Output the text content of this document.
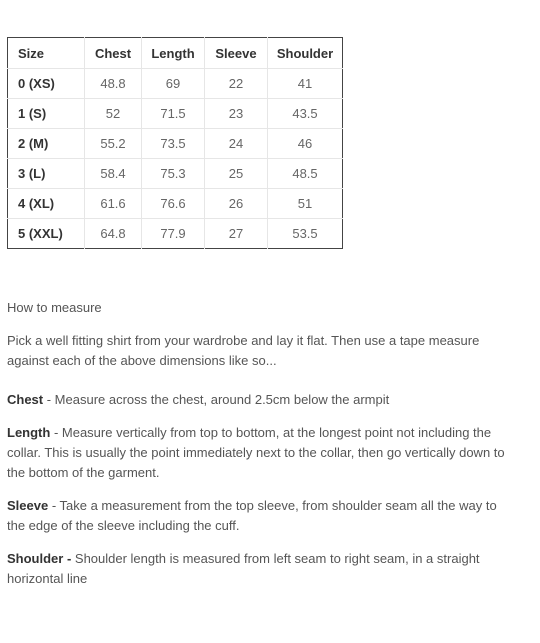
Size	Chest	Length	Sleeve	Shoulder
0 (XS)	48.8	69	22	41
1 (S)	52	71.5	23	43.5
2 (M)	55.2	73.5	24	46
3 (L)	58.4	75.3	25	48.5
4 (XL)	61.6	76.6	26	51
5 (XXL)	64.8	77.9	27	53.5

How to measure

Pick a well fitting shirt from your wardrobe and lay it flat. Then use a tape measure against each of the above dimensions like so...

Chest - Measure across the chest, around 2.5cm below the armpit

Length - Measure vertically from top to bottom, at the longest point not including the collar. This is usually the point immediately next to the collar, then go vertically down to the bottom of the garment.

Sleeve - Take a measurement from the top sleeve, from shoulder seam all the way to the edge of the sleeve including the cuff.

Shoulder - Shoulder length is measured from left seam to right seam, in a straight horizontal line
